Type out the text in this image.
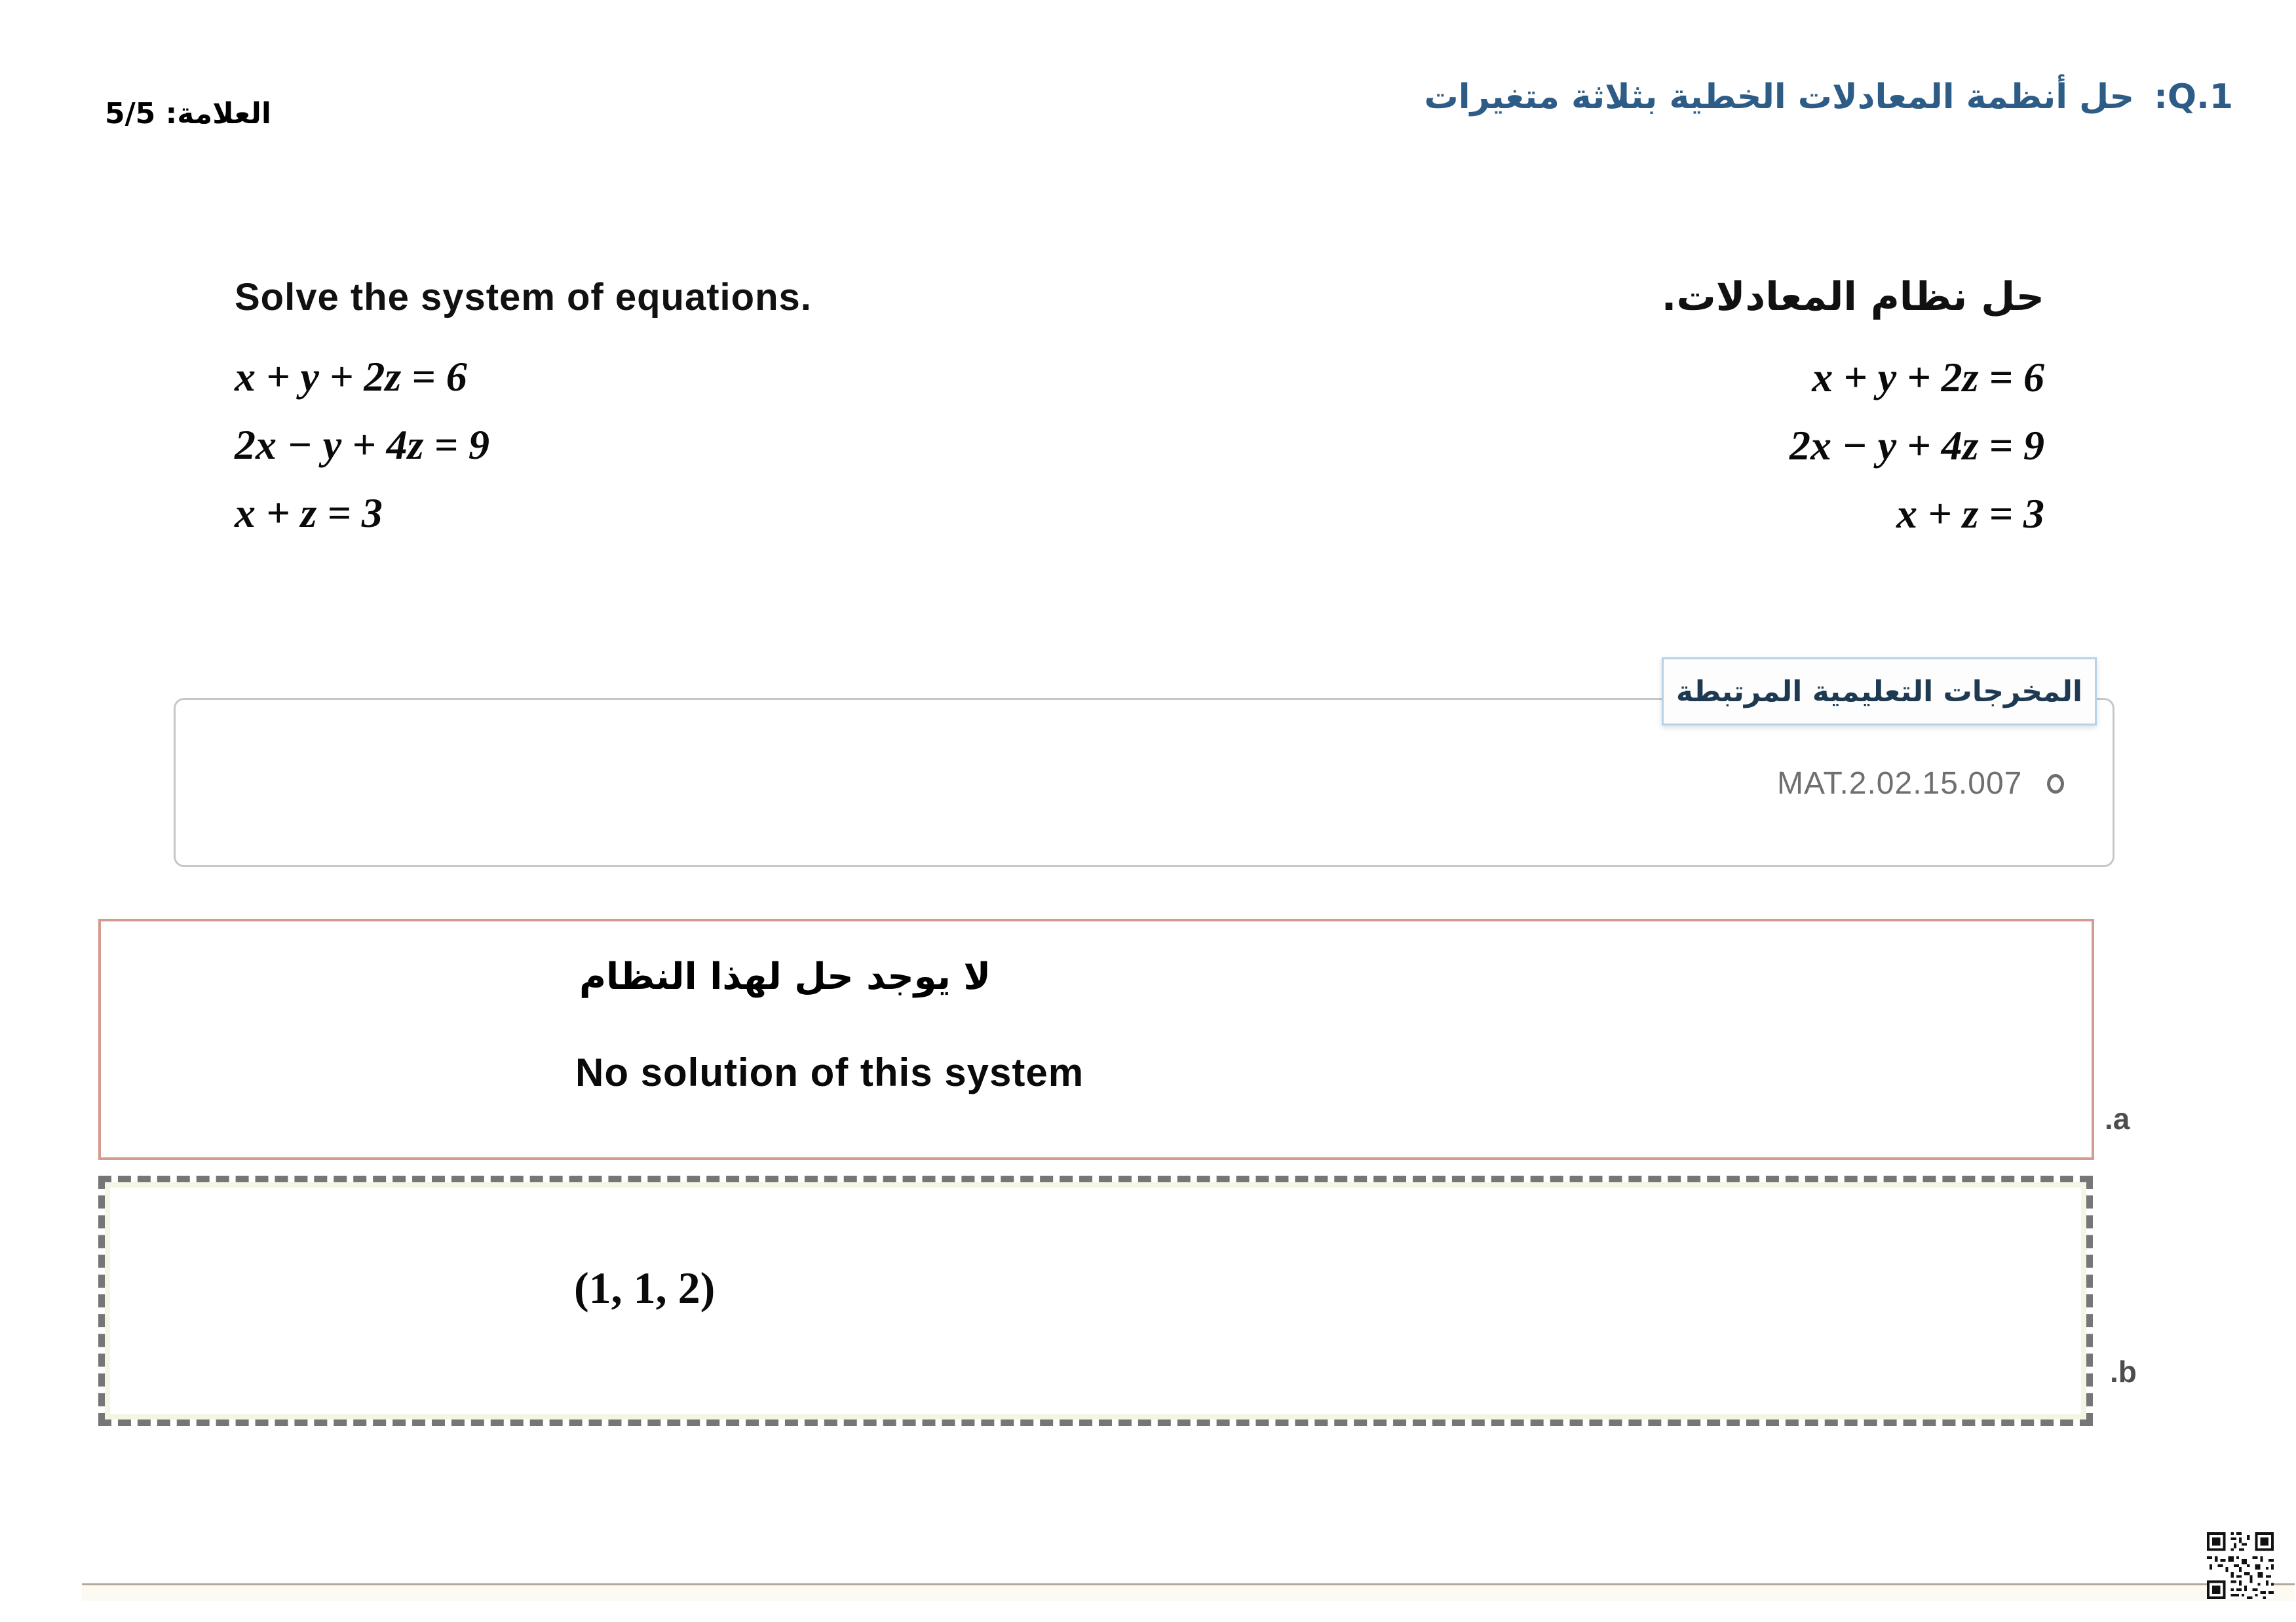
Q.1:
حل أنظمة المعادلات الخطية بثلاثة متغيرات
العلامة: 5/5
Solve the system of equations.
x + y + 2z = 6
2x − y + 4z = 9
x + z = 3
حل نظام المعادلات.
x + y + 2z = 6
2x − y + 4z = 9
x + z = 3
المخرجات التعليمية المرتبطة
MAT.2.02.15.007
لا يوجد حل لهذا النظام
No solution of this system
.a
(1, 1, 2)
.b
